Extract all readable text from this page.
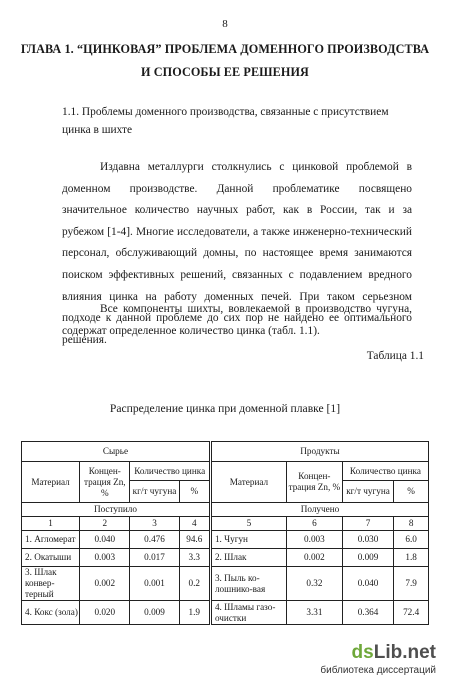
8
ГЛАВА 1. “ЦИНКОВАЯ” ПРОБЛЕМА ДОМЕННОГО ПРОИЗВОДСТВА
И СПОСОБЫ ЕЕ РЕШЕНИЯ
1.1. Проблемы доменного производства, связанные с присутствием цинка в шихте
Издавна металлурги столкнулись с цинковой проблемой в доменном производстве. Данной проблематике посвящено значительное количество научных работ, как в России, так и за рубежом [1-4]. Многие исследователи, а также инженерно-технический персонал, обслуживающий домны, по настоящее время занимаются поиском эффективных решений, связанных с подавлением вредного влияния цинка на работу доменных печей. При таком серьезном подходе к данной проблеме до сих пор не найдено ее оптимального решения.
Все компоненты шихты, вовлекаемой в производство чугуна, содержат определенное количество цинка (табл. 1.1).
Таблица 1.1
Распределение цинка при доменной плавке [1]
Сырье				Продукты			
Материал	Концен-трация Zn, %	Количество цинка		Материал	Концен-трация Zn, %	Количество цинка	
		кг/т чугуна	%			кг/т чугуна	%
Поступило				Получено			
1	2	3	4	5	6	7	8
1. Агломерат	0.040	0.476	94.6	1. Чугун	0.003	0.030	6.0
2. Окатыши	0.003	0.017	3.3	2. Шлак	0.002	0.009	1.8
3. Шлак конвер-терный	0.002	0.001	0.2	3. Пыль ко-лошнико-вая	0.32	0.040	7.9
4. Кокс (зола)	0.020	0.009	1.9	4. Шламы газо-очистки	3.31	0.364	72.4
dsLib.net
библиотека диссертаций
